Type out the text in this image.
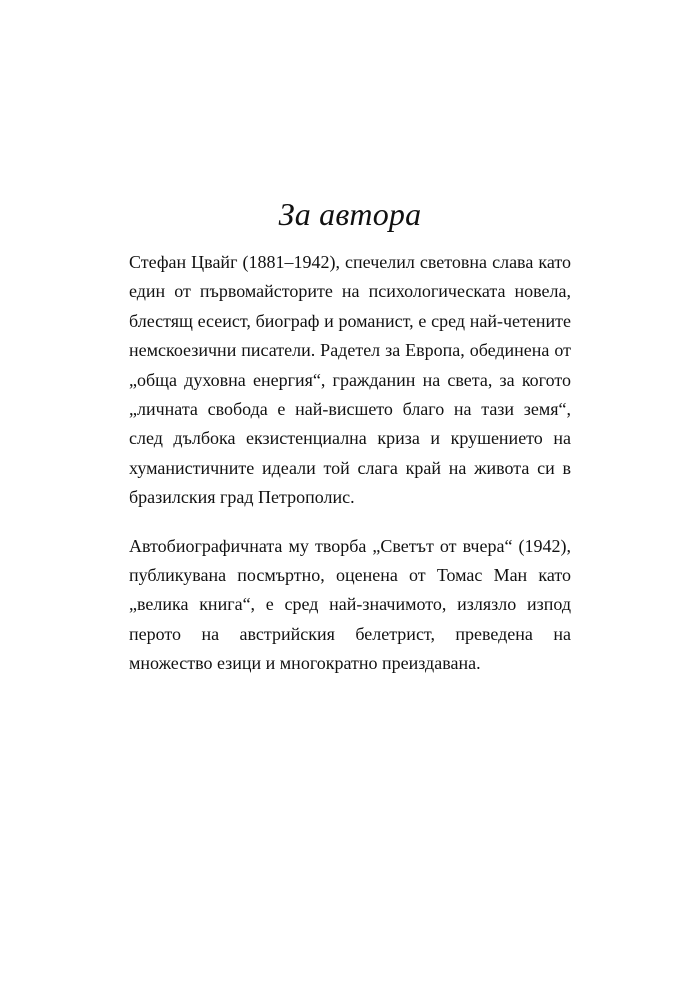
За автора

Стефан Цвайг (1881–1942), спечелил световна слава като един от първомайсторите на психологическата новела, блестящ есеист, биограф и романист, е сред най-четените немскоезични писатели. Радетел за Европа, обединена от „обща духовна енергия“, гражданин на света, за когото „личната свобода е най-висшето благо на тази земя“, след дълбока екзистенциална криза и крушението на хуманистичните идеали той слага край на живота си в бразилския град Петрополис.

Автобиографичната му творба „Светът от вчера“ (1942), публикувана посмъртно, оценена от Томас Ман като „велика книга“, е сред най-значимото, излязло изпод перото на австрийския белетрист, преведена на множество езици и многократно преиздавана.
